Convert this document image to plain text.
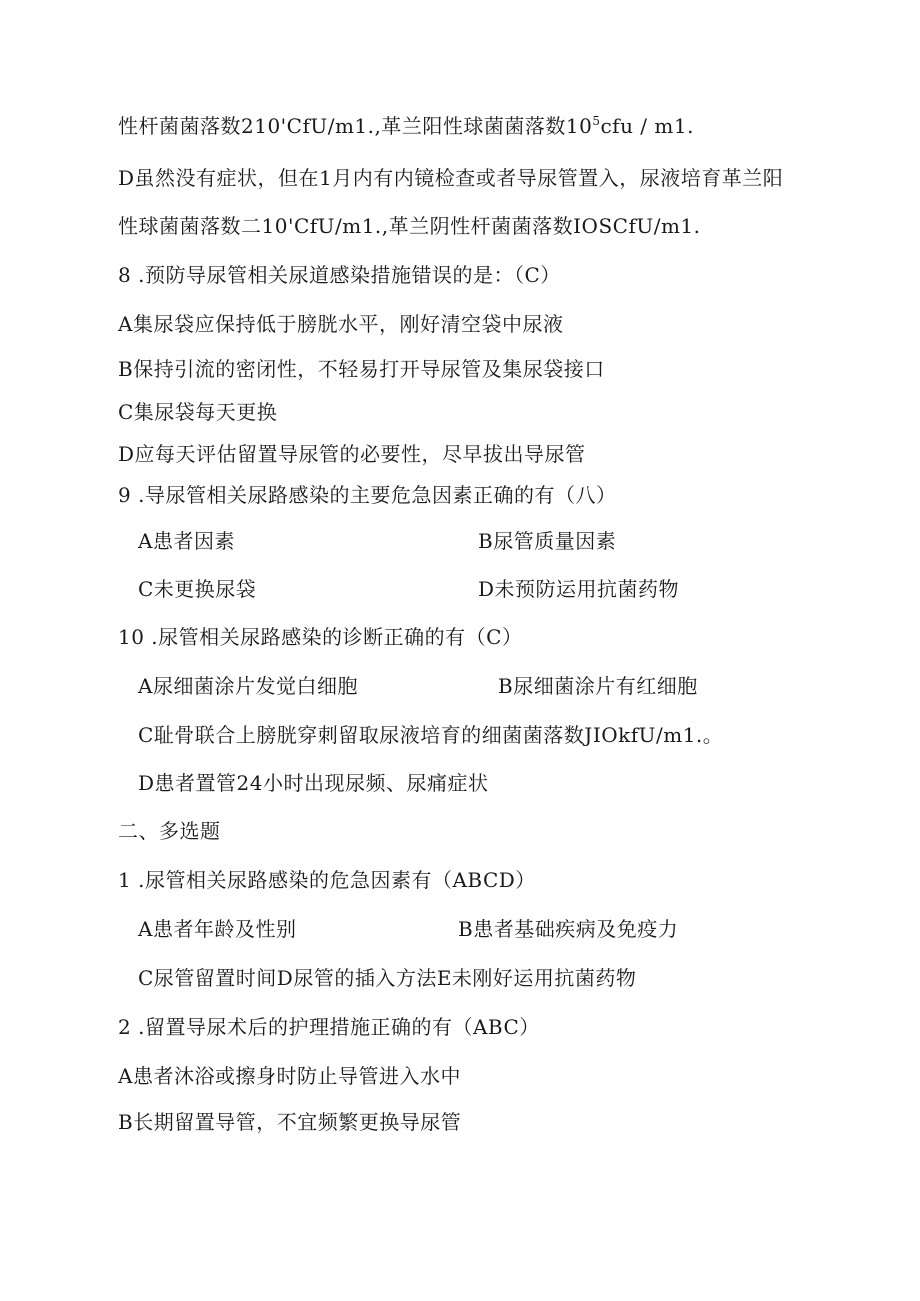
性杆菌菌落数210'CfU/m1.,革兰阳性球菌菌落数$10^5cfu / m1$.
D虽然没有症状，但在1月内有内镜检查或者导尿管置入，尿液培育革兰阳
性球菌菌落数二10'CfU/m1.,革兰阴性杆菌菌落数IOSCfU/m1.
8 .预防导尿管相关尿道感染措施错误的是：（C）
A集尿袋应保持低于膀胱水平，刚好清空袋中尿液
B保持引流的密闭性，不轻易打开导尿管及集尿袋接口
C集尿袋每天更换
D应每天评估留置导尿管的必要性，尽早拔出导尿管
9 .导尿管相关尿路感染的主要危急因素正确的有（八）
A患者因素	B尿管质量因素
C未更换尿袋	D未预防运用抗菌药物
10 .尿管相关尿路感染的诊断正确的有（C）
A尿细菌涂片发觉白细胞	B尿细菌涂片有红细胞
C耻骨联合上膀胱穿刺留取尿液培育的细菌菌落数JIOkfU/m1.。
D患者置管24小时出现尿频、尿痛症状
二、多选题
1 .尿管相关尿路感染的危急因素有（ABCD）
A患者年龄及性别	B患者基础疾病及免疫力
C尿管留置时间D尿管的插入方法E未刚好运用抗菌药物
2 .留置导尿术后的护理措施正确的有（ABC）
A患者沐浴或擦身时防止导管进入水中
B长期留置导管，不宜频繁更换导尿管
